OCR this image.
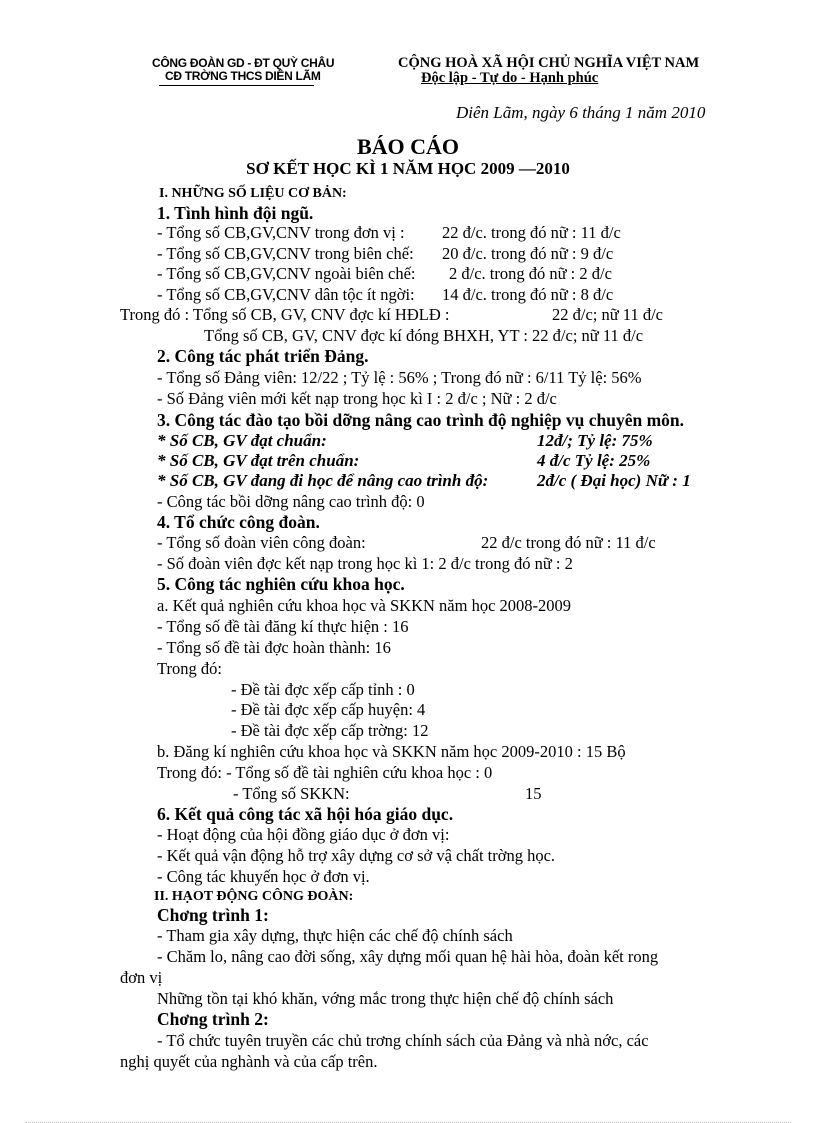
CÔNG ĐOÀN GD - ĐT QUỲ CHÂU
CĐ TRỜNG THCS DIÊN LÃM
CỘNG HOÀ XÃ HỘI CHỦ NGHĨA VIỆT NAM
Độc lập - Tự do - Hạnh phúc
Diên Lãm, ngày 6 tháng 1 năm 2010
BÁO CÁO
SƠ KẾT HỌC KÌ 1 NĂM HỌC 2009 —2010
I. NHỮNG SỐ LIỆU CƠ BẢN:
1. Tình hình đội ngũ.
- Tổng số CB,GV,CNV trong đơn vị : 22 đ/c. trong đó nữ : 11 đ/c
- Tổng số CB,GV,CNV trong biên chế: 20 đ/c. trong đó nữ : 9 đ/c
- Tổng số CB,GV,CNV ngoài biên chế: 2 đ/c. trong đó nữ : 2 đ/c
- Tổng số CB,GV,CNV dân tộc ít ngời: 14 đ/c. trong đó nữ : 8 đ/c
Trong đó : Tổng số CB, GV, CNV đợc kí HĐLĐ :	22 đ/c; nữ 11 đ/c
Tổng số CB, GV, CNV đợc kí đóng BHXH, YT : 22 đ/c; nữ 11 đ/c
2. Công tác phát triển Đảng.
- Tổng số Đảng viên: 12/22 ; Tỷ lệ : 56% ; Trong đó nữ : 6/11 Tỷ lệ: 56%
- Số Đảng viên mới kết nạp trong học kì I : 2 đ/c ; Nữ : 2 đ/c
3. Công tác đào tạo bồi dỡng nâng cao trình độ nghiệp vụ chuyên môn.
* Số CB, GV đạt chuẩn:	12đ/; Tỷ lệ: 75%
* Số CB, GV đạt trên chuẩn:	4 đ/c Tỷ lệ: 25%
* Số CB, GV đang đi học để nâng cao trình độ:	2đ/c ( Đại học) Nữ : 1
- Công tác bồi dỡng nâng cao trình độ: 0
4. Tổ chức công đoàn.
- Tổng số đoàn viên công đoàn:	22 đ/c trong đó nữ : 11 đ/c
- Số đoàn viên đợc kết nạp trong học kì 1: 2 đ/c trong đó nữ : 2
5. Công tác nghiên cứu khoa học.
a. Kết quả nghiên cứu khoa học và SKKN năm học 2008-2009
- Tổng số đề tài đăng kí thực hiện : 16
- Tổng số đề tài đợc hoàn thành: 16
Trong đó:
- Đề tài đợc xếp cấp tỉnh : 0
- Đề tài đợc xếp cấp huyện: 4
- Đề tài đợc xếp cấp trờng: 12
b. Đăng kí nghiên cứu khoa học và SKKN năm học 2009-2010 : 15 Bộ
Trong đó: - Tổng số đề tài nghiên cứu khoa học : 0
- Tổng số SKKN:	15
6. Kết quả công tác xã hội hóa giáo dục.
- Hoạt động của hội đồng giáo dục ở đơn vị:
- Kết quả vận động hỗ trợ xây dựng cơ sở vậ chất trờng học.
- Công tác khuyến học ở đơn vị.
II. HẠOT ĐỘNG CÔNG ĐOÀN:
Chơng trình 1:
- Tham gia xây dựng, thực hiện các chế độ chính sách
- Chăm lo, nâng cao đời sống, xây dựng mối quan hệ hài hòa, đoàn kết rong
đơn vị
Những tồn tại khó khăn, vớng mắc trong thực hiện chế độ chính sách
Chơng trình 2:
- Tổ chức tuyên truyền các chủ trơng chính sách của Đảng và nhà nớc, các
nghị quyết của nghành và của cấp trên.
